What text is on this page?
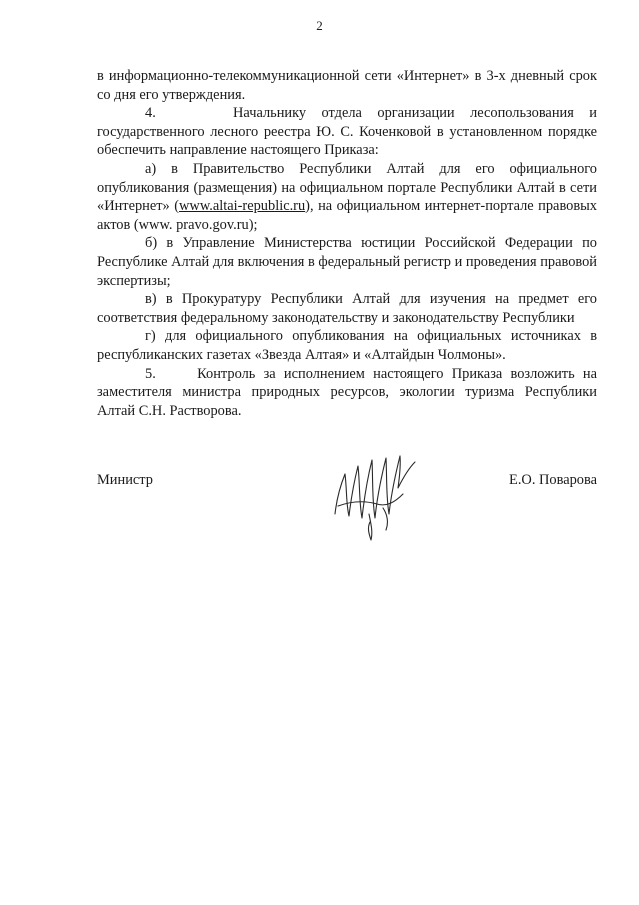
2

в информационно-телекоммуникационной сети «Интернет» в 3-х дневный срок со дня его утверждения.

4.     Начальнику отдела организации лесопользования и государственного лесного реестра Ю. С. Коченковой в установленном порядке обеспечить направление настоящего Приказа:

а) в Правительство Республики Алтай для его официального опубликования (размещения) на официальном портале Республики Алтай в сети «Интернет» (www.altai-republic.ru), на официальном интернет-портале правовых актов (www. pravo.gov.ru);

б) в Управление Министерства юстиции Российской Федерации по Республике Алтай для включения в федеральный регистр и проведения правовой экспертизы;

в) в Прокуратуру Республики Алтай для изучения на предмет его соответствия федеральному законодательству и законодательству Республики

г) для официального опубликования на официальных источниках в республиканских газетах «Звезда Алтая» и «Алтайдын Чолмоны».

5.     Контроль за исполнением настоящего Приказа возложить на заместителя министра природных ресурсов, экологии туризма Республики Алтай С.Н. Растворова.

Министр	Е.О. Поварова
